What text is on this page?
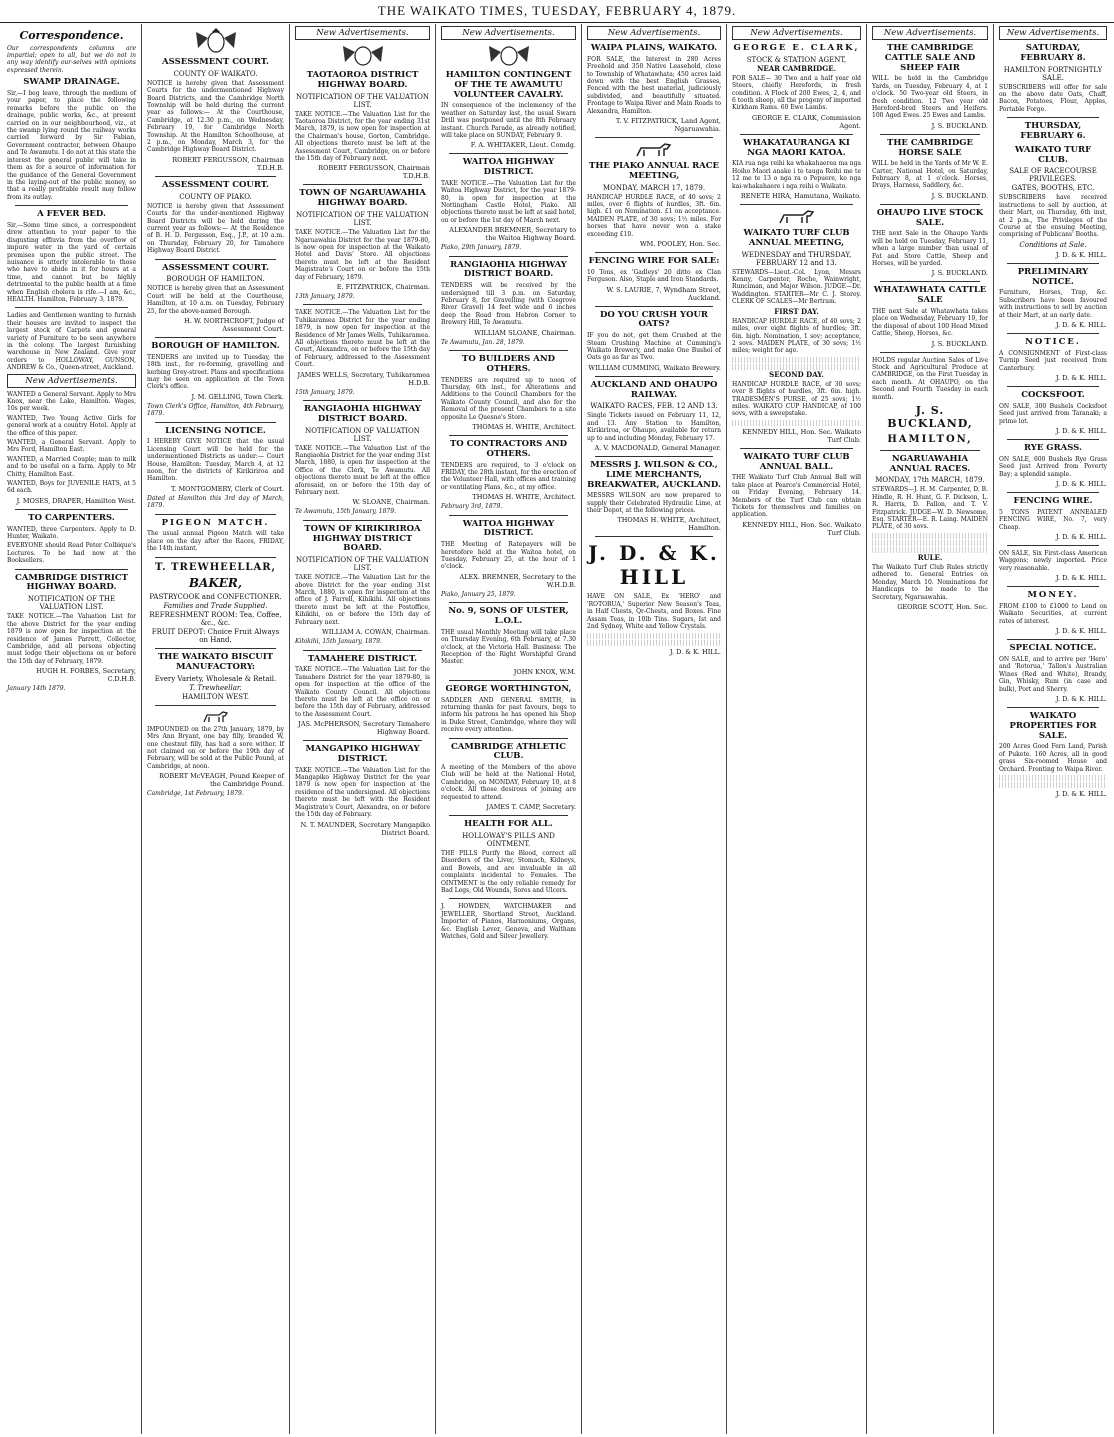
THE WAIKATO TIMES, TUESDAY, FEBRUARY 4, 1879.
Correspondence.
Our correspondents columns are impartial; open to all, but we do not in any way identify our-selves with opinions expressed therein.
SWAMP DRAINAGE.
Sir,—I beg leave, through the medium of your paper, to place the following remarks before the public on the drainage, public works, &c., at present carried on in our neighbourhood, viz., at the swamp lying round the railway works carried forward by Sir Fabian, Government contractor, between Ohaupo and Te Awamutu. I do not at this state the interest the general public will take in them as for a source of information for the guidance of the General Government in the laying-out of the public money, so that a really profitable result may follow from its outlay.
A FEVER BED.
Sir,—Some time since, a correspondent drew attention to your paper to the disgusting effluvia from the overflow of impure water in the yard of certain premises upon the public street. The nuisance is utterly intolerable to those who have to abide in it for hours at a time, and cannot but be highly detrimental to the public health at a time when English cholera is rife.—I am, &c., HEALTH. Hamilton, February 3, 1879.
Ladies and Gentlemen wanting to furnish their houses are invited to inspect the largest stock of Carpets and general variety of Furniture to be seen anywhere in the colony. The largest furnishing warehouse in New Zealand. Give your orders to HOLLOWAY, GUNSON, ANDREW & Co., Queen-street, Auckland.
New Advertisements.
WANTED a General Servant. Apply to Mrs Knox, near the Lake, Hamilton. Wages, 10s per week.
WANTED, Two Young Active Girls for general work at a country Hotel. Apply at the office of this paper.
WANTED, a General Servant. Apply to Mrs Ford, Hamilton East.
WANTED, a Married Couple; man to milk and to be useful on a farm. Apply to Mr Chitty, Hamilton East.
WANTED, Boys for JUVENILE HATS, at 5 6d each.
J. MOSES, DRAPER, Hamilton West.
TO CARPENTERS.
WANTED, three Carpenters. Apply to D. Hunter, Waikato.
EVERYONE should Read Peter Colbique's Lectures. To be had now at the Booksellers.
CAMBRIDGE DISTRICT HIGHWAY BOARD.
NOTIFICATION OF THE VALUATION LIST.
TAKE NOTICE.—The Valuation List for the above District for the year ending 1879 is now open for inspection at the residence of James Parrett, Collector, Cambridge, and all persons objecting must lodge their objections on or before the 15th day of February, 1879.
HUGH H. FORBES, Secretary, C.D.H.B.
January 14th 1879.
ASSESSMENT COURT.
COUNTY OF WAIKATO.
NOTICE is hereby given that Assessment Courts for the undermentioned Highway Board Districts, and the Cambridge North Township will be held during the current year as follows:— At the Courthouse, Cambridge, at 12.30 p.m., on Wednesday, February 19, for Cambridge North Township. At the Hamilton Schoolhouse, at 2 p.m., on Monday, March 3, for the Cambridge Highway Board District.
ROBERT FERGUSSON, Chairman T.D.H.B.
ASSESSMENT COURT.
COUNTY OF PIAKO.
NOTICE is hereby given that Assessment Courts for the under-mentioned Highway Board Districts will be held during the current year as follows:— At the Residence of B. H. D. Fergusson, Esq., J.P., at 10 a.m. on Thursday, February 20, for Tamahere Highway Board District.
ASSESSMENT COURT.
BOROUGH OF HAMILTON.
NOTICE is hereby given that an Assessment Court will be held at the Courthouse, Hamilton, at 10 a.m. on Tuesday, February 25, for the above-named Borough.
H. W. NORTHCROFT, Judge of Assessment Court.
BOROUGH OF HAMILTON.
TENDERS are invited up to Tuesday, the 18th inst., for re-forming, gravelling and kerbing Grey-street. Plans and specifications may be seen on application at the Town Clerk's office.
J. M. GELLING, Town Clerk.
Town Clerk's Office, Hamilton, 4th February, 1879.
LICENSING NOTICE.
I HEREBY GIVE NOTICE that the usual Licensing Court will be held for the undermentioned Districts as under:— Court House, Hamilton: Tuesday, March 4, at 12 noon, for the districts of Kirikiriroa and Hamilton.
T. MONTGOMERY, Clerk of Court.
Dated at Hamilton this 3rd day of March, 1879.
PIGEON MATCH.
The usual annual Pigeon Match will take place on the day after the Races, FRIDAY, the 14th instant.
T. TREWHEELLAR,
BAKER,
PASTRYCOOK and CONFECTIONER.
Families and Trade Supplied.
REFRESHMENT ROOM: Tea, Coffee, &c., &c.
FRUIT DEPOT: Choice Fruit Always on Hand.
THE WAIKATO BISCUIT MANUFACTORY:
Every Variety, Wholesale & Retail.
T. Trewheellar.
HAMILTON WEST.
IMPOUNDED on the 27th January, 1879, by Mrs Ann Bryant, one bay filly, branded W, one chestnut filly, has had a sore wither. If not claimed on or before the 19th day of February, will be sold at the Public Pound, at Cambridge, at noon.
ROBERT McVEAGH, Pound Keeper of the Cambridge Pound.
Cambridge, 1st February, 1879.
New Advertisements.
TAOTAOROA DISTRICT HIGHWAY BOARD.
NOTIFICATION OF THE VALUATION LIST.
TAKE NOTICE.—The Valuation List for the Taotaoroa District, for the year ending 31st March, 1879, is now open for inspection at the Chairman's house, Gorton, Cambridge. All objections thereto must be left at the Assessment Court, Cambridge, on or before the 15th day of February next.
ROBERT FERGUSSON, Chairman T.D.H.B.
TOWN OF NGARUAWAHIA HIGHWAY BOARD.
NOTIFICATION OF THE VALUATION LIST.
TAKE NOTICE.—The Valuation List for the Ngaruawahia District for the year 1879-80, is now open for inspection at the Waikato Hotel and Davis' Store. All objections thereto must be left at the Resident Magistrate's Court on or before the 15th day of February, 1879.
E. FITZPATRICK, Chairman.
13th January, 1879.
TAKE NOTICE.—The Valuation List for the Tuhikaramea District for the year ending 1879, is now open for inspection at the Residence of Mr James Wells, Tuhikaramea. All objections thereto must be left at the Court, Alexandra, on or before the 15th day of February, addressed to the Assessment Court.
JAMES WELLS, Secretary, Tuhikaramea H.D.B.
15th January, 1879.
RANGIAOHIA HIGHWAY DISTRICT BOARD.
NOTIFICATION OF VALUATION LIST.
TAKE NOTICE.—The Valuation List of the Rangiaohia District for the year ending 31st March, 1880, is open for inspection at the Office of the Clerk, Te Awamutu. All objections thereto must be left at the office aforesaid, on or before the 15th day of February next.
W. SLOANE, Chairman.
Te Awamutu, 15th January, 1879.
TOWN OF KIRIKIRIROA HIGHWAY DISTRICT BOARD.
NOTIFICATION OF THE VALUATION LIST.
TAKE NOTICE.—The Valuation List for the above District for the year ending 31st March, 1880, is open for inspection at the office of J. Farrell, Kihikihi. All objections thereto must be left at the Postoffice, Kihikihi, on or before the 15th day of February next.
WILLIAM A. COWAN, Chairman.
Kihikihi, 15th January, 1879.
TAMAHERE DISTRICT.
TAKE NOTICE.—The Valuation List for the Tamahere District for the year 1879-80, is open for inspection at the office of the Waikato County Council. All objections thereto must be left at the office on or before the 15th day of February, addressed to the Assessment Court.
JAS. McPHERSON, Secretary Tamahere Highway Board.
MANGAPIKO HIGHWAY DISTRICT.
TAKE NOTICE.—The Valuation List for the Mangapiko Highway District for the year 1879 is now open for inspection at the residence of the undersigned. All objections thereto must be left with the Resident Magistrate's Court, Alexandra, on or before the 15th day of February.
N. T. MAUNDER, Secretary Mangapiko District Board.
New Advertisements.
HAMILTON CONTINGENT OF THE TE AWAMUTU VOLUNTEER CAVALRY.
IN consequence of the inclemency of the weather on Saturday last, the usual Swarn Drill was postponed until the 8th February instant. Church Parade, as already notified, will take place on SUNDAY, February 9.
F. A. WHITAKER, Lieut. Comdg.
WAITOA HIGHWAY DISTRICT.
TAKE NOTICE.—The Valuation List for the Waitoa Highway District, for the year 1879-80, is open for inspection at the Nottingham Castle Hotel, Piako. All objections thereto must be left at said hotel, on or before the 1st day of March next.
ALEXANDER BREMNER, Secretary to the Waitoa Highway Board.
Piako, 29th January, 1879.
RANGIAOHIA HIGHWAY DISTRICT BOARD.
TENDERS will be received by the undersigned till 3 p.m. on Saturday, February 8, for Gravelling (with Cosgrove River Gravel) 14 feet wide and 6 inches deep the Road from Hebron Corner to Brewery Hill, Te Awamutu.
WILLIAM SLOANE, Chairman.
Te Awamutu, Jan. 28, 1879.
TO BUILDERS AND OTHERS.
TENDERS are required up to noon of Thursday, 6th inst., for Alterations and Additions to the Council Chambers for the Waikato County Council, and also for the Removal of the present Chambers to a site opposite Le Quesne's Store.
THOMAS H. WHITE, Architect.
TO CONTRACTORS AND OTHERS.
TENDERS are required, to 3 o'clock on FRIDAY, the 28th instant, for the erection of the Volunteer Hall, with offices and training or ventilating Plans, &c., at my office.
THOMAS H. WHITE, Architect.
February 3rd, 1879.
WAITOA HIGHWAY DISTRICT.
THE Meeting of Ratepayers will be heretofore held at the Waitoa hotel, on Tuesday, February 25, at the hour of 1 o'clock.
ALEX. BREMNER, Secretary to the W.H.D.B.
Piako, January 25, 1879.
No. 9, SONS OF ULSTER, L.O.L.
THE usual Monthly Meeting will take place on Thursday Evening, 6th February, at 7.30 o'clock, at the Victoria Hall. Business: The Reception of the Right Worshipful Grand Master.
JOHN KNOX, W.M.
GEORGE WORTHINGTON,
SADDLER AND GENERAL SMITH, in returning thanks for past favours, begs to inform his patrons he has opened his Shop in Duke Street, Cambridge, where they will receive every attention.
CAMBRIDGE ATHLETIC CLUB.
A meeting of the Members of the above Club will be held at the National Hotel, Cambridge, on MONDAY, February 10, at 8 o'clock. All those desirous of joining are requested to attend.
JAMES T. CAMP, Secretary.
HEALTH FOR ALL.
HOLLOWAY'S PILLS AND OINTMENT.
THE PILLS Purify the Blood, correct all Disorders of the Liver, Stomach, Kidneys, and Bowels, and are invaluable in all complaints incidental to Females. The OINTMENT is the only reliable remedy for Bad Legs, Old Wounds, Sores and Ulcers.
J. HOWDEN, WATCHMAKER and JEWELLER, Shortland Street, Auckland. Importer of Pianos, Harmoniums, Organs, &c. English Lever, Geneva, and Waltham Watches, Gold and Silver Jewellery.
New Advertisements.
WAIPA PLAINS, WAIKATO.
FOR SALE, the Interest in 280 Acres Freehold and 350 Native Leasehold, close to Township of Whatawhata; 450 acres laid down with the best English Grasses, Fenced with the best material, judiciously subdivided, and beautifully situated. Frontage to Waipa River and Main Roads to Alexandra, Hamilton.
T. V. FITZPATRICK, Land Agent, Ngaruawahia.
THE PIAKO ANNUAL RACE MEETING,
MONDAY, MARCH 17, 1879.
HANDICAP HURDLE RACE, of 40 sovs; 2 miles, over 6 flights of hurdles, 3ft. 6in. high. £1 on Nomination. £1 on acceptance. MAIDEN PLATE, of 30 sovs; 1½ miles. For horses that have never won a stake exceeding £10.
WM. POOLEY, Hon. Sec.
FENCING WIRE FOR SALE:
10 Tons, ex 'Gadleys' 20 ditto ex Clan Ferguson. Also, Staple and Iron Standards.
W. S. LAURIE, 7, Wyndham Street, Auckland.
DO YOU CRUSH YOUR OATS?
IF you do not, get them Crushed at the Steam Crushing Machine at Cumming's Waikato Brewery, and make One Bushel of Oats go as far as Two.
WILLIAM CUMMING, Waikato Brewery.
AUCKLAND AND OHAUPO RAILWAY.
WAIKATO RACES, FEB. 12 AND 13.
Single Tickets issued on February 11, 12, and 13. Any Station to Hamilton, Kirikiriroa, or Ohaupo, available for return up to and including Monday, February 17.
A. V. MACDONALD, General Manager.
MESSRS J. WILSON & CO., LIME MERCHANTS, BREAKWATER, AUCKLAND.
MESSRS WILSON are now prepared to supply their Celebrated Hydraulic Lime, at their Depot, at the following prices.
THOMAS H. WHITE, Architect, Hamilton.
J. D. & K. HILL
HAVE ON SALE, Ex 'HERO' and 'ROTORUA,' Superior New Season's Teas, in Half Chests, Qr-Chests, and Boxes. Fine Assam Teas, in 10lb Tins. Sugars, Ist and 2nd Sydney, White and Yellow Crystals.
J. D. & K. HILL.
New Advertisements.
GEORGE E. CLARK,
STOCK & STATION AGENT,
NEAR CAMBRIDGE.
FOR SALE— 30 Two and a half year old Steers, chiefly Herefords, in fresh condition. A Flock of 200 Ewes, 2, 4, and 6 tooth sheep, all the progeny of imported Kirkham Rams. 60 Ewe Lambs.
GEORGE E. CLARK, Commission Agent.
WHAKATAURANGA KI NGA MAORI KATOA.
KIA rua nga reihi ka whakahaerea ma nga Hoiho Maori anake i te tauga Reihi me te 12 me te 13 o nga ra o Pepuere, ko nga kai-whakahaere i nga reihi o Waikato.
RENETE HIRA, Hamutana, Waikato.
WAIKATO TURF CLUB ANNUAL MEETING,
WEDNESDAY and THURSDAY, FEBRUARY 12 and 13.
STEWARDS—Lieut.-Col. Lyon, Messrs Kenny, Carpenter, Roche, Wainwright, Runciman, and Major Wilson. JUDGE—Dr. Waddington. STARTER—Mr C. J. Storey. CLERK OF SCALES—Mr Bertram.
FIRST DAY.
HANDICAP HURDLE RACE, of 40 sovs; 2 miles, over eight flights of hurdles; 3ft. 6in. high. Nomination, 1 sov; acceptance, 2 sovs. MAIDEN PLATE, of 30 sovs; 1½ miles; weight for age.
SECOND DAY.
HANDICAP HURDLE RACE, of 30 sovs; over 8 flights of hurdles, 3ft. 6in. high. TRADESMEN'S PURSE, of 25 sovs; 1½ miles. WAIKATO CUP HANDICAP, of 100 sovs, with a sweepstake.
KENNEDY HILL, Hon. Sec. Waikato Turf Club.
WAIKATO TURF CLUB ANNUAL BALL.
THE Waikato Turf Club Annual Ball will take place at Pearce's Commercial Hotel, on Friday Evening, February 14. Members of the Turf Club can obtain Tickets for themselves and families on application.
KENNEDY HILL, Hon. Sec. Waikato Turf Club.
New Advertisements.
THE CAMBRIDGE CATTLE SALE AND SHEEP FAIR
WILL be held in the Cambridge Yards, on Tuesday, February 4, at 1 o'clock. 50 Two-year old Steers, in fresh condition. 12 Two year old Hereford-bred Steers and Heifers. 100 Aged Ewes. 25 Ewes and Lambs.
J. S. BUCKLAND.
THE CAMBRIDGE HORSE SALE
WILL be held in the Yards of Mr W. E. Carter, National Hotel, on Saturday, February 8, at 1 o'clock. Horses, Drays, Harness, Saddlery, &c.
J. S. BUCKLAND.
OHAUPO LIVE STOCK SALE.
THE next Sale in the Ohaupo Yards will be held on Tuesday, February 11, when a large number than usual of Fat and Store Cattle, Sheep and Horses, will be yarded.
J. S. BUCKLAND.
WHATAWHATA CATTLE SALE
THE next Sale at Whatawhata takes place on Wednesday, February 19, for the disposal of about 100 Head Mixed Cattle, Sheep, Horses, &c.
J. S. BUCKLAND.
HOLDS regular Auction Sales of Live Stock and Agricultural Produce at CAMBRIDGE, on the First Tuesday in each month. At OHAUPO, on the Second and Fourth Tuesday in each month.
J. S. BUCKLAND,
HAMILTON,
NGARUAWAHIA ANNUAL RACES.
MONDAY, 17th MARCH, 1879.
STEWARDS—J. H. M. Carpenter, D. B. Hindle, R. H. Hunt, G. F. Dickson, L. R. Harris, D. Fallon, and T. V. Fitzpatrick. JUDGE—W. D. Newsome, Esq. STARTER—E. R. Laing. MAIDEN PLATE, of 30 sovs.
RULE.
The Waikato Turf Club Rules strictly adhered to. General Entries on Monday, March 10. Nominations for Handicaps to be made to the Secretary, Ngaruawahia.
GEORGE SCOTT, Hon. Sec.
New Advertisements.
SATURDAY, FEBRUARY 8.
HAMILTON FORTNIGHTLY SALE.
SUBSCRIBERS will offer for sale on the above date Oats, Chaff, Bacon, Potatoes, Flour, Apples, Portable Forge.
THURSDAY, FEBRUARY 6.
WAIKATO TURF CLUB.
SALE OF RACECOURSE PRIVILEGES.
GATES, BOOTHS, ETC.
SUBSCRIBERS have received instructions to sell by auction, at their Mart, on Thursday, 6th inst, at 2 p.m., The Privileges of the Course at the ensuing Meeting, comprising of Publicans' Booths.
Conditions at Sale.
J. D. & K. HILL.
PRELIMINARY NOTICE.
Furniture, Horses, Trap, &c. Subscribers have been favoured with instructions to sell by auction at their Mart, at an early date.
J. D. & K. HILL.
NOTICE.
A CONSIGNMENT of First-class Turnip Seed just received from Canterbury.
J. D. & K. HILL.
COCKSFOOT.
ON SALE, 300 Bushels Cocksfoot Seed just arrived from Taranaki; a prime lot.
J. D. & K. HILL.
RYE GRASS.
ON SALE, 600 Bushels Rye Grass Seed just Arrived from Poverty Bay; a splendid sample.
J. D. & K. HILL.
FENCING WIRE.
5 TONS PATENT ANNEALED FENCING WIRE, No. 7, very Cheap.
J. D. & K. HILL.
ON SALE, Six First-class American Waggons; newly imported. Price very reasonable.
J. D. & K. HILL.
MONEY.
FROM £100 to £1000 to Lend on Waikato Securities, at current rates of interest.
J. D. & K. HILL.
SPECIAL NOTICE.
ON SALE, and to arrive per 'Hero' and 'Rotorua,' Tallon's Australian Wines (Red and White), Brandy, Gin, Whisky, Rum (in case and bulk), Port and Sherry.
J. D. & K. HILL.
WAIKATO PROPERTIES FOR SALE.
200 Acres Good Fern Land, Parish of Pukete. 160 Acres, all in good grass Six-roomed House and Orchard. Fronting to Waipa River.
J. D. & K. HILL.
